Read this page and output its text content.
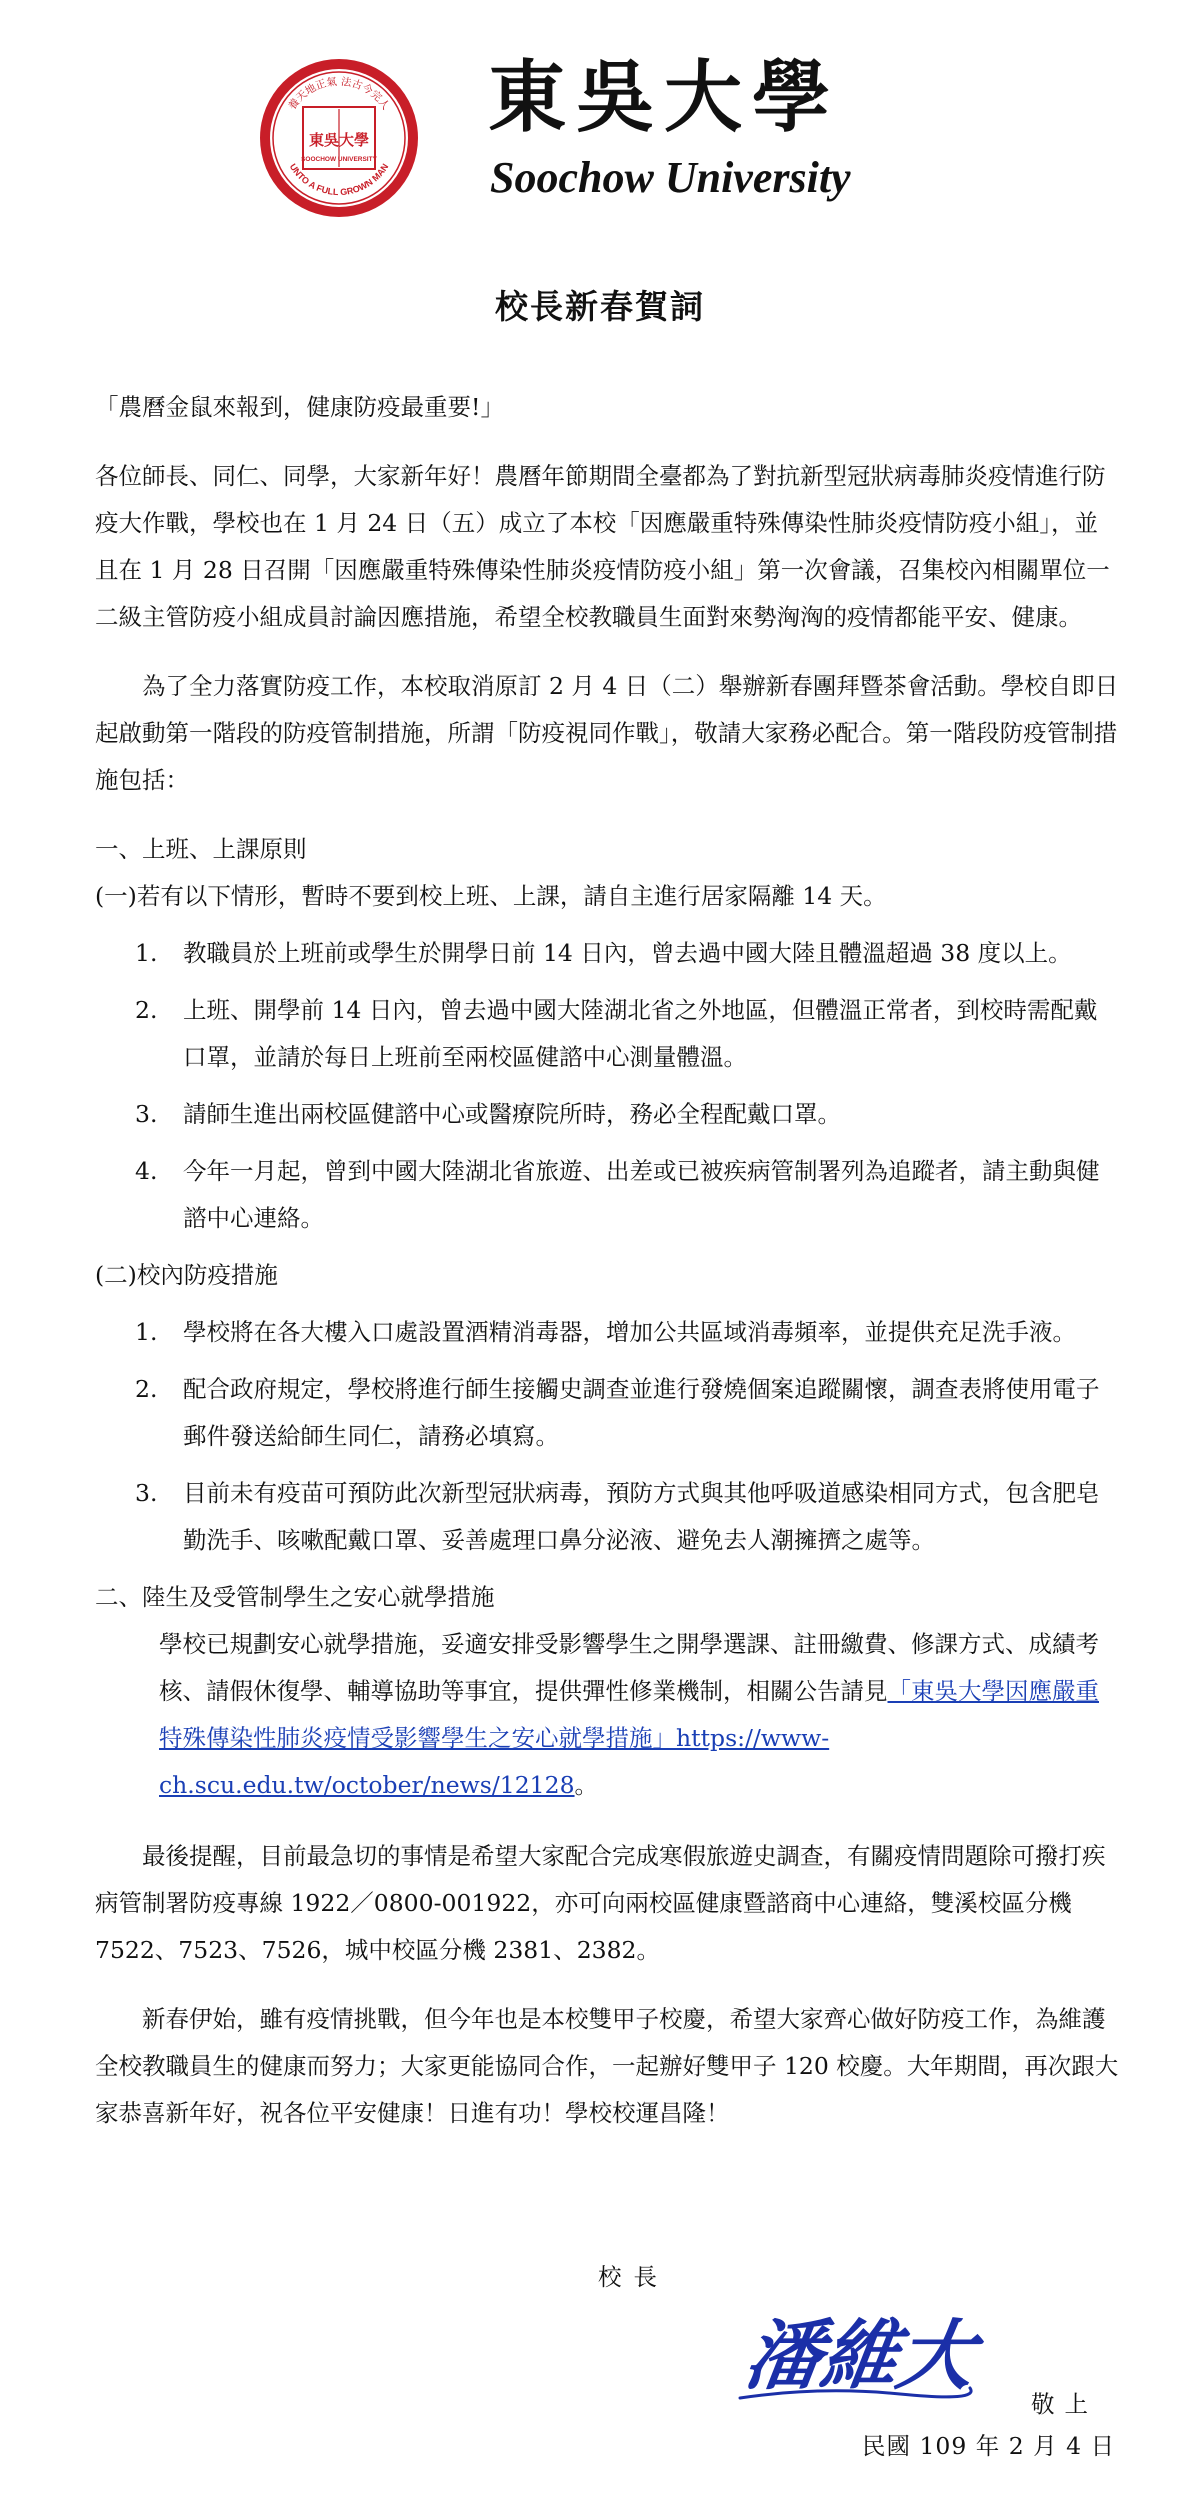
養天地正氣 法古今完人
UNTO A FULL GROWN MAN
東吳大學
SOOCHOW UNIVERSITY
東吳大學
Soochow University
校長新春賀詞

「農曆金鼠來報到，健康防疫最重要!」

各位師長、同仁、同學，大家新年好！農曆年節期間全臺都為了對抗新型冠狀病毒肺炎疫情進行防疫大作戰，學校也在 1 月 24 日（五）成立了本校「因應嚴重特殊傳染性肺炎疫情防疫小組」，並且在 1 月 28 日召開「因應嚴重特殊傳染性肺炎疫情防疫小組」第一次會議，召集校內相關單位一二級主管防疫小組成員討論因應措施，希望全校教職員生面對來勢洶洶的疫情都能平安、健康。

為了全力落實防疫工作，本校取消原訂 2 月 4 日（二）舉辦新春團拜暨茶會活動。學校自即日起啟動第一階段的防疫管制措施，所謂「防疫視同作戰」，敬請大家務必配合。第一階段防疫管制措施包括：

一、上班、上課原則

(一)若有以下情形，暫時不要到校上班、上課，請自主進行居家隔離 14 天。

1. 教職員於上班前或學生於開學日前 14 日內，曾去過中國大陸且體溫超過 38 度以上。
2. 上班、開學前 14 日內，曾去過中國大陸湖北省之外地區，但體溫正常者，到校時需配戴口罩，並請於每日上班前至兩校區健諮中心測量體溫。
3. 請師生進出兩校區健諮中心或醫療院所時，務必全程配戴口罩。
4. 今年一月起，曾到中國大陸湖北省旅遊、出差或已被疾病管制署列為追蹤者，請主動與健諮中心連絡。

(二)校內防疫措施

1. 學校將在各大樓入口處設置酒精消毒器，增加公共區域消毒頻率，並提供充足洗手液。
2. 配合政府規定，學校將進行師生接觸史調查並進行發燒個案追蹤關懷，調查表將使用電子郵件發送給師生同仁，請務必填寫。
3. 目前未有疫苗可預防此次新型冠狀病毒，預防方式與其他呼吸道感染相同方式，包含肥皂勤洗手、咳嗽配戴口罩、妥善處理口鼻分泌液、避免去人潮擁擠之處等。

二、陸生及受管制學生之安心就學措施

學校已規劃安心就學措施，妥適安排受影響學生之開學選課、註冊繳費、修課方式、成績考核、請假休復學、輔導協助等事宜，提供彈性修業機制，相關公告請見「東吳大學因應嚴重特殊傳染性肺炎疫情受影響學生之安心就學措施」https://www-ch.scu.edu.tw/october/news/12128。

最後提醒，目前最急切的事情是希望大家配合完成寒假旅遊史調查，有關疫情問題除可撥打疾病管制署防疫專線 1922／0800-001922，亦可向兩校區健康暨諮商中心連絡，雙溪校區分機 7522、7523、7526，城中校區分機 2381、2382。

新春伊始，雖有疫情挑戰，但今年也是本校雙甲子校慶，希望大家齊心做好防疫工作，為維護全校教職員生的健康而努力；大家更能協同合作，一起辦好雙甲子 120 校慶。大年期間，再次跟大家恭喜新年好，祝各位平安健康！日進有功！學校校運昌隆！

校長
潘維大
敬上
民國 109 年 2 月 4 日
